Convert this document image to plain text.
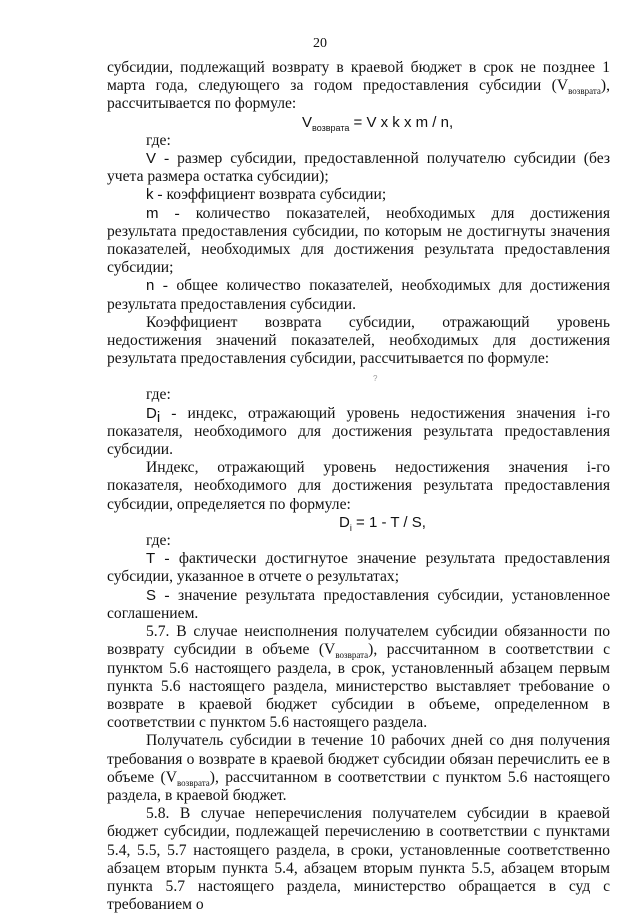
20

субсидии, подлежащий возврату в краевой бюджет в срок не позднее 1 марта года, следующего за годом предоставления субсидии $(V_{возврата})$, рассчитывается по формуле:

$V_{возврата} = V$ x k x m / n,

где:

V - размер субсидии, предоставленной получателю субсидии (без учета размера остатка субсидии);

k - коэффициент возврата субсидии;

m - количество показателей, необходимых для достижения результата предоставления субсидии, по которым не достигнуты значения показателей, необходимых для достижения результата предоставления субсидии;

n - общее количество показателей, необходимых для достижения результата предоставления субсидии.

Коэффициент возврата субсидии, отражающий уровень недостижения значений показателей, необходимых для достижения результата предоставления субсидии, рассчитывается по формуле:

?

где:

$D_i$ - индекс, отражающий уровень недостижения значения i-го показателя, необходимого для достижения результата предоставления субсидии.

Индекс, отражающий уровень недостижения значения i-го показателя, необходимого для достижения результата предоставления субсидии, определяется по формуле:

$D_i = 1 - T / S$,

где:

T - фактически достигнутое значение результата предоставления субсидии, указанное в отчете о результатах;

S - значение результата предоставления субсидии, установленное соглашением.

5.7. В случае неисполнения получателем субсидии обязанности по возврату субсидии в объеме $(V_{возврата})$, рассчитанном в соответствии с пунктом 5.6 настоящего раздела, в срок, установленный абзацем первым пункта 5.6 настоящего раздела, министерство выставляет требование о возврате в краевой бюджет субсидии в объеме, определенном в соответствии с пунктом 5.6 настоящего раздела.

Получатель субсидии в течение 10 рабочих дней со дня получения требования о возврате в краевой бюджет субсидии обязан перечислить ее в объеме $(V_{возврата})$, рассчитанном в соответствии с пунктом 5.6 настоящего раздела, в краевой бюджет.

5.8. В случае неперечисления получателем субсидии в краевой бюджет субсидии, подлежащей перечислению в соответствии с пунктами 5.4, 5.5, 5.7 настоящего раздела, в сроки, установленные соответственно абзацем вторым пункта 5.4, абзацем вторым пункта 5.5, абзацем вторым пункта 5.7 настоящего раздела, министерство обращается в суд с требованием о
